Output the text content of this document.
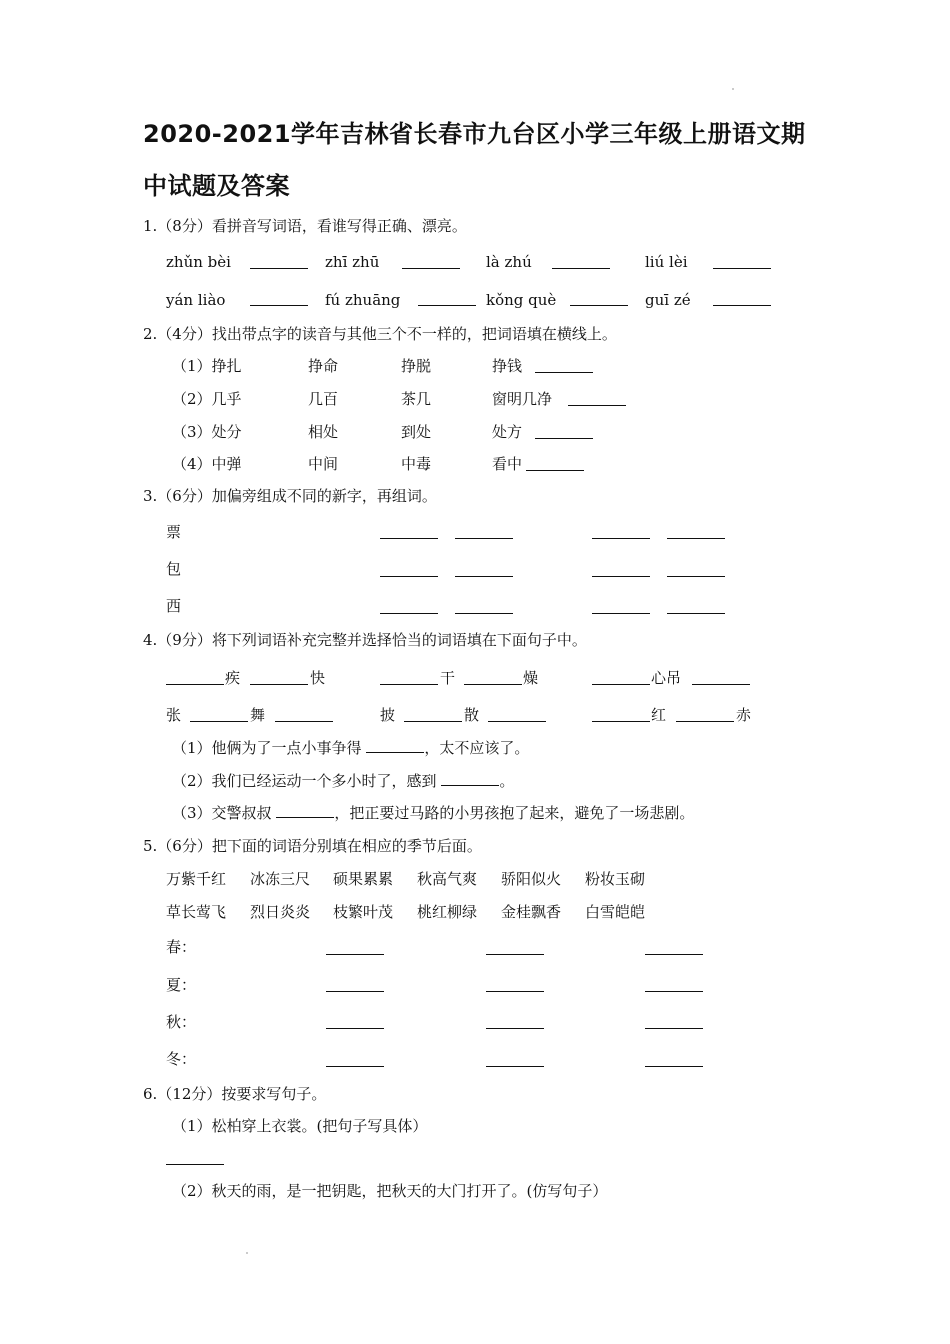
2020-2021学年吉林省长春市九台区小学三年级上册语文期
中试题及答案
1.（8分）看拼音写词语，看谁写得正确、漂亮。
zhǔn bèi	zhī zhū	là zhú	liú lèi
yán liào	fú zhuāng	kǒng què	guī zé
2.（4分）找出带点字的读音与其他三个不一样的，把词语填在横线上。
（1）挣扎	挣命	挣脱	挣钱
（2）几乎	几百	茶几	窗明几净
（3）处分	相处	到处	处方
（4）中弹	中间	中毒	看中
3.（6分）加偏旁组成不同的新字，再组词。
票
包
西
4.（9分）将下列词语补充完整并选择恰当的词语填在下面句子中。
疾	快	干	燥	心吊
张	舞	披	散	红	赤
（1）他俩为了一点小事争得	，太不应该了。
（2）我们已经运动一个多小时了，感到	。
（3）交警叔叔	，把正要过马路的小男孩抱了起来，避免了一场悲剧。
5.（6分）把下面的词语分别填在相应的季节后面。
万紫千红 冰冻三尺 硕果累累 秋高气爽 骄阳似火 粉妆玉砌
草长莺飞 烈日炎炎 枝繁叶茂 桃红柳绿 金桂飘香 白雪皑皑
春：
夏：
秋：
冬：
6.（12分）按要求写句子。
（1）松柏穿上衣裳。(把句子写具体）
（2）秋天的雨，是一把钥匙，把秋天的大门打开了。(仿写句子）
